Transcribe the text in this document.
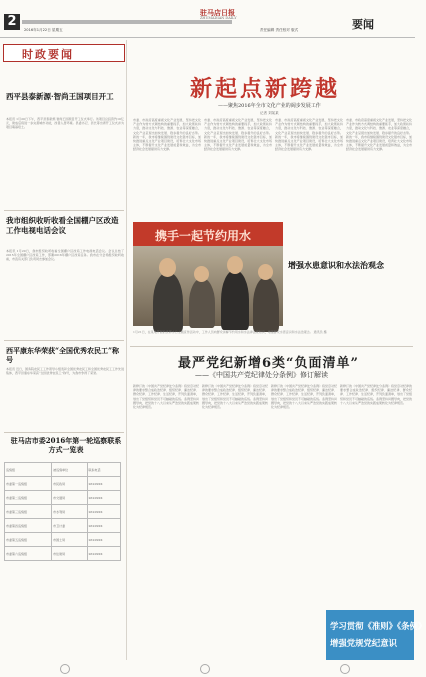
2
驻马店日报
ZHUMADIAN DAILY
2016年1月22日 星期五	责任编辑 责任校对 版式	要闻
时政要闻
西平县泰新源·智尚王国项目开工
本报讯 1月20日下午，西平县泰新源·智尚王国项目开工仪式举行。该项目总投资约10亿元，建成后将进一步完善城市功能，改善人居环境。县委书记、县长等出席开工仪式并为项目奠基培土。
我市组织收听收看全国棚户区改造工作电视电话会议
本报讯 1月20日，我市组织收听收看全国棚户区改造工作电视电话会议。会议总结了2015年全国棚户区改造工作，部署2016年棚户区改造任务。我市在分会场组织收听收看，市直有关部门负责同志参加会议。
西平康东华荣获“全国优秀农民工”称号
本报讯 近日，国务院农民工工作领导小组表彰全国优秀农民工和全国优秀农民工工作先进集体，西平县康东华荣获“全国优秀农民工”称号，为我市争得了荣誉。
驻马店市委2016年第一轮巡察联系方式一览表
巡察组	被巡察单位	联系电话
市委第一巡察组	市民政局	2622XXX
市委第二巡察组	市交通局	2622XXX
市委第三巡察组	市水利局	2622XXX
市委第四巡察组	市卫计委	2622XXX
市委第五巡察组	市国土局	2622XXX
市委第六巡察组	市住建局	2622XXX
新起点新跨越
——聚焦2016年全市文化产业的阔步发展工作
记者 刘某某
市委、市政府高度重视文化产业发展，坚持把文化产业作为转方式调结构的重要抓手，加大政策扶持力度，推动文化与科技、旅游、农业等深度融合，文化产业呈现出加快发展、稳步提升的良好态势。新的一年，我市将继续围绕建设文化强市目标，加快推进重点文化产业项目建设，培育壮大文化市场主体，不断提升文化产业发展质量和效益，为全市经济社会发展提供有力支撑。
市委、市政府高度重视文化产业发展，坚持把文化产业作为转方式调结构的重要抓手，加大政策扶持力度，推动文化与科技、旅游、农业等深度融合，文化产业呈现出加快发展、稳步提升的良好态势。新的一年，我市将继续围绕建设文化强市目标，加快推进重点文化产业项目建设，培育壮大文化市场主体，不断提升文化产业发展质量和效益，为全市经济社会发展提供有力支撑。
市委、市政府高度重视文化产业发展，坚持把文化产业作为转方式调结构的重要抓手，加大政策扶持力度，推动文化与科技、旅游、农业等深度融合，文化产业呈现出加快发展、稳步提升的良好态势。新的一年，我市将继续围绕建设文化强市目标，加快推进重点文化产业项目建设，培育壮大文化市场主体，不断提升文化产业发展质量和效益，为全市经济社会发展提供有力支撑。
市委、市政府高度重视文化产业发展，坚持把文化产业作为转方式调结构的重要抓手，加大政策扶持力度，推动文化与科技、旅游、农业等深度融合，文化产业呈现出加快发展、稳步提升的良好态势。新的一年，我市将继续围绕建设文化强市目标，加快推进重点文化产业项目建设，培育壮大文化市场主体，不断提升文化产业发展质量和效益，为全市经济社会发展提供有力支撑。
携手一起节约用水
增强水患意识和水法治观念
1月21日，在某地开展的世界水日主题宣传活动中，工作人员向群众讲解节约用水和水法律法规知识，增强群众水患意识和水法治观念。 通讯员 摄
最严党纪新增6类“负面清单”
——《中国共产党纪律处分条例》修订解读
新修订的《中国共产党纪律处分条例》将党章对纪律的要求整合成政治纪律、组织纪律、廉洁纪律、群众纪律、工作纪律、生活纪律，开列负面清单，划出了党组织和党员不可触碰的底线。条例坚持问题导向，把党的十八大以来从严治党的实践成果转化为纪律规范。
新修订的《中国共产党纪律处分条例》将党章对纪律的要求整合成政治纪律、组织纪律、廉洁纪律、群众纪律、工作纪律、生活纪律，开列负面清单，划出了党组织和党员不可触碰的底线。条例坚持问题导向，把党的十八大以来从严治党的实践成果转化为纪律规范。
新修订的《中国共产党纪律处分条例》将党章对纪律的要求整合成政治纪律、组织纪律、廉洁纪律、群众纪律、工作纪律、生活纪律，开列负面清单，划出了党组织和党员不可触碰的底线。条例坚持问题导向，把党的十八大以来从严治党的实践成果转化为纪律规范。
新修订的《中国共产党纪律处分条例》将党章对纪律的要求整合成政治纪律、组织纪律、廉洁纪律、群众纪律、工作纪律、生活纪律，开列负面清单，划出了党组织和党员不可触碰的底线。条例坚持问题导向，把党的十八大以来从严治党的实践成果转化为纪律规范。
学习贯彻《准则》《条例》
增强党规党纪意识
